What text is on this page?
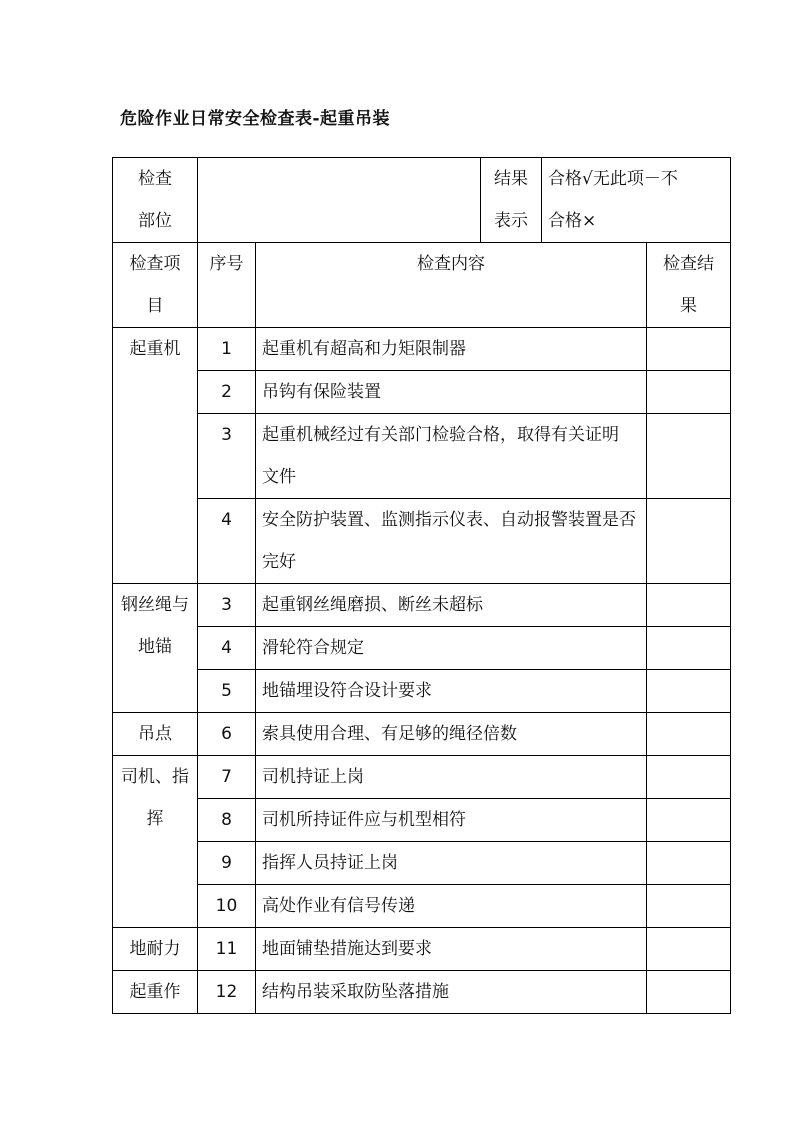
危险作业日常安全检查表-起重吊装
检查部位			结果表示	合格√无此项－不合格×	

检查项目	序号	检查内容			检查结果

起重机	1	起重机有超高和力矩限制器			
	2	吊钩有保险装置			
	3	起重机械经过有关部门检验合格，取得有关证明文件			

	4	安全防护装置、监测指示仪表、自动报警装置是否完好			

钢丝绳与地锚	3	起重钢丝绳磨损、断丝未超标			
	4	滑轮符合规定			
	5	地锚埋设符合设计要求			
吊点	6	索具使用合理、有足够的绳径倍数			

司机、指挥	7	司机持证上岗			
	8	司机所持证件应与机型相符			
	9	指挥人员持证上岗			
	10	高处作业有信号传递			
地耐力	11	地面铺垫措施达到要求			
起重作	12	结构吊装采取防坠落措施			
